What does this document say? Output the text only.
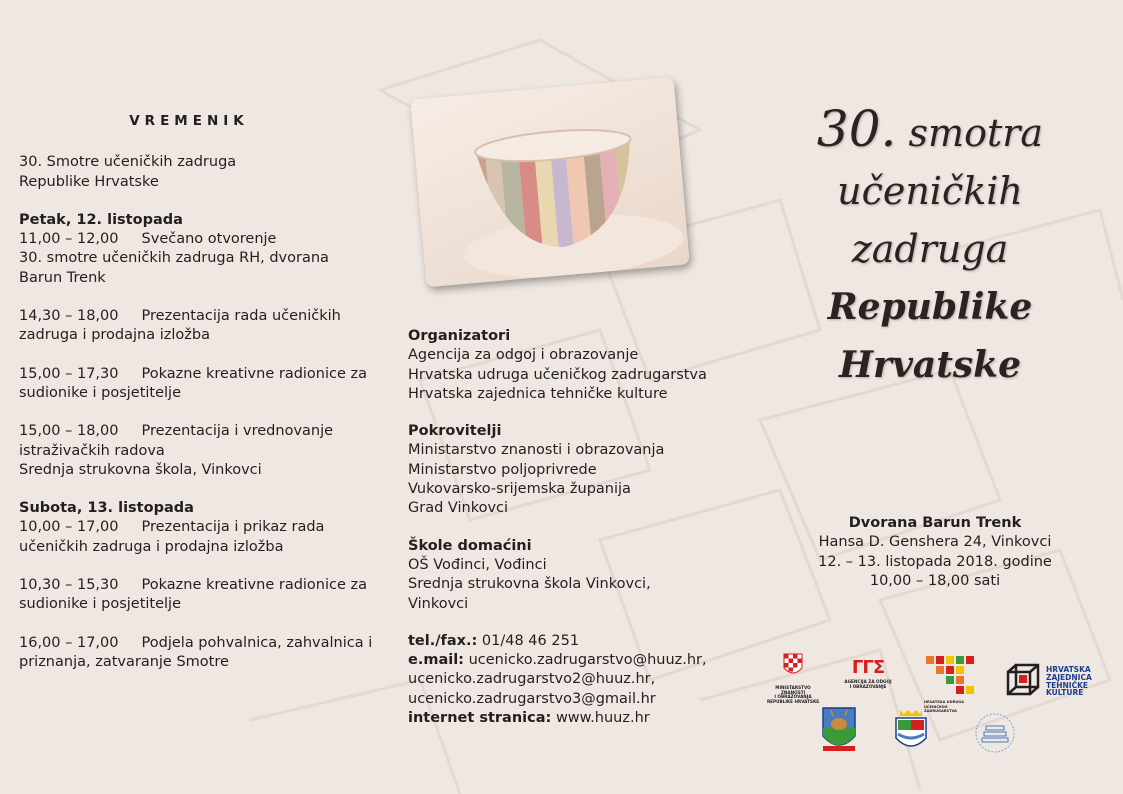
VREMENIK
30. Smotre učeničkih zadruga
Republike Hrvatske
Petak, 12. listopada
11,00 – 12,00     Svečano otvorenje
30. smotre učeničkih zadruga RH, dvorana
Barun Trenk
14,30 – 18,00     Prezentacija rada učeničkih
zadruga i prodajna izložba
15,00 – 17,30     Pokazne kreativne radionice za
sudionike i posjetitelje
15,00 – 18,00     Prezentacija i vrednovanje
istraživačkih radova
Srednja strukovna škola, Vinkovci
Subota, 13. listopada
10,00 – 17,00     Prezentacija i prikaz rada
učeničkih zadruga i prodajna izložba
10,30 – 15,30     Pokazne kreativne radionice za
sudionike i posjetitelje
16,00 – 17,00     Podjela pohvalnica, zahvalnica i
priznanja, zatvaranje Smotre
Organizatori
Agencija za odgoj i obrazovanje
Hrvatska udruga učeničkog zadrugarstva
Hrvatska zajednica tehničke kulture
Pokrovitelji
Ministarstvo znanosti i obrazovanja
Ministarstvo poljoprivrede
Vukovarsko-srijemska županija
Grad Vinkovci
Škole domaćini
OŠ Vođinci, Vođinci
Srednja strukovna škola Vinkovci,
Vinkovci
tel./fax.: 01/48 46 251
e.mail: ucenicko.zadrugarstvo@huuz.hr,
ucenicko.zadrugarstvo2@huuz.hr,
ucenicko.zadrugarstvo3@gmail.hr
internet stranica: www.huuz.hr
30. smotra
učeničkih
zadruga
Republike
Hrvatske
Dvorana Barun Trenk
Hansa D. Genshera 24, Vinkovci
12. – 13. listopada 2018. godine
10,00 – 18,00 sati
MINISTARSTVO ZNANOSTI
I OBRAZOVANJA
REPUBLIKE HRVATSKE
ΓΓΣ
AGENCIJA ZA ODGOJ
I OBRAZOVANJE
HRVATSKA UDRUGA UČENIČKOG ZADRUGARSTVA
HRVATSKA
ZAJEDNICA
TEHNIČKE
KULTURE
